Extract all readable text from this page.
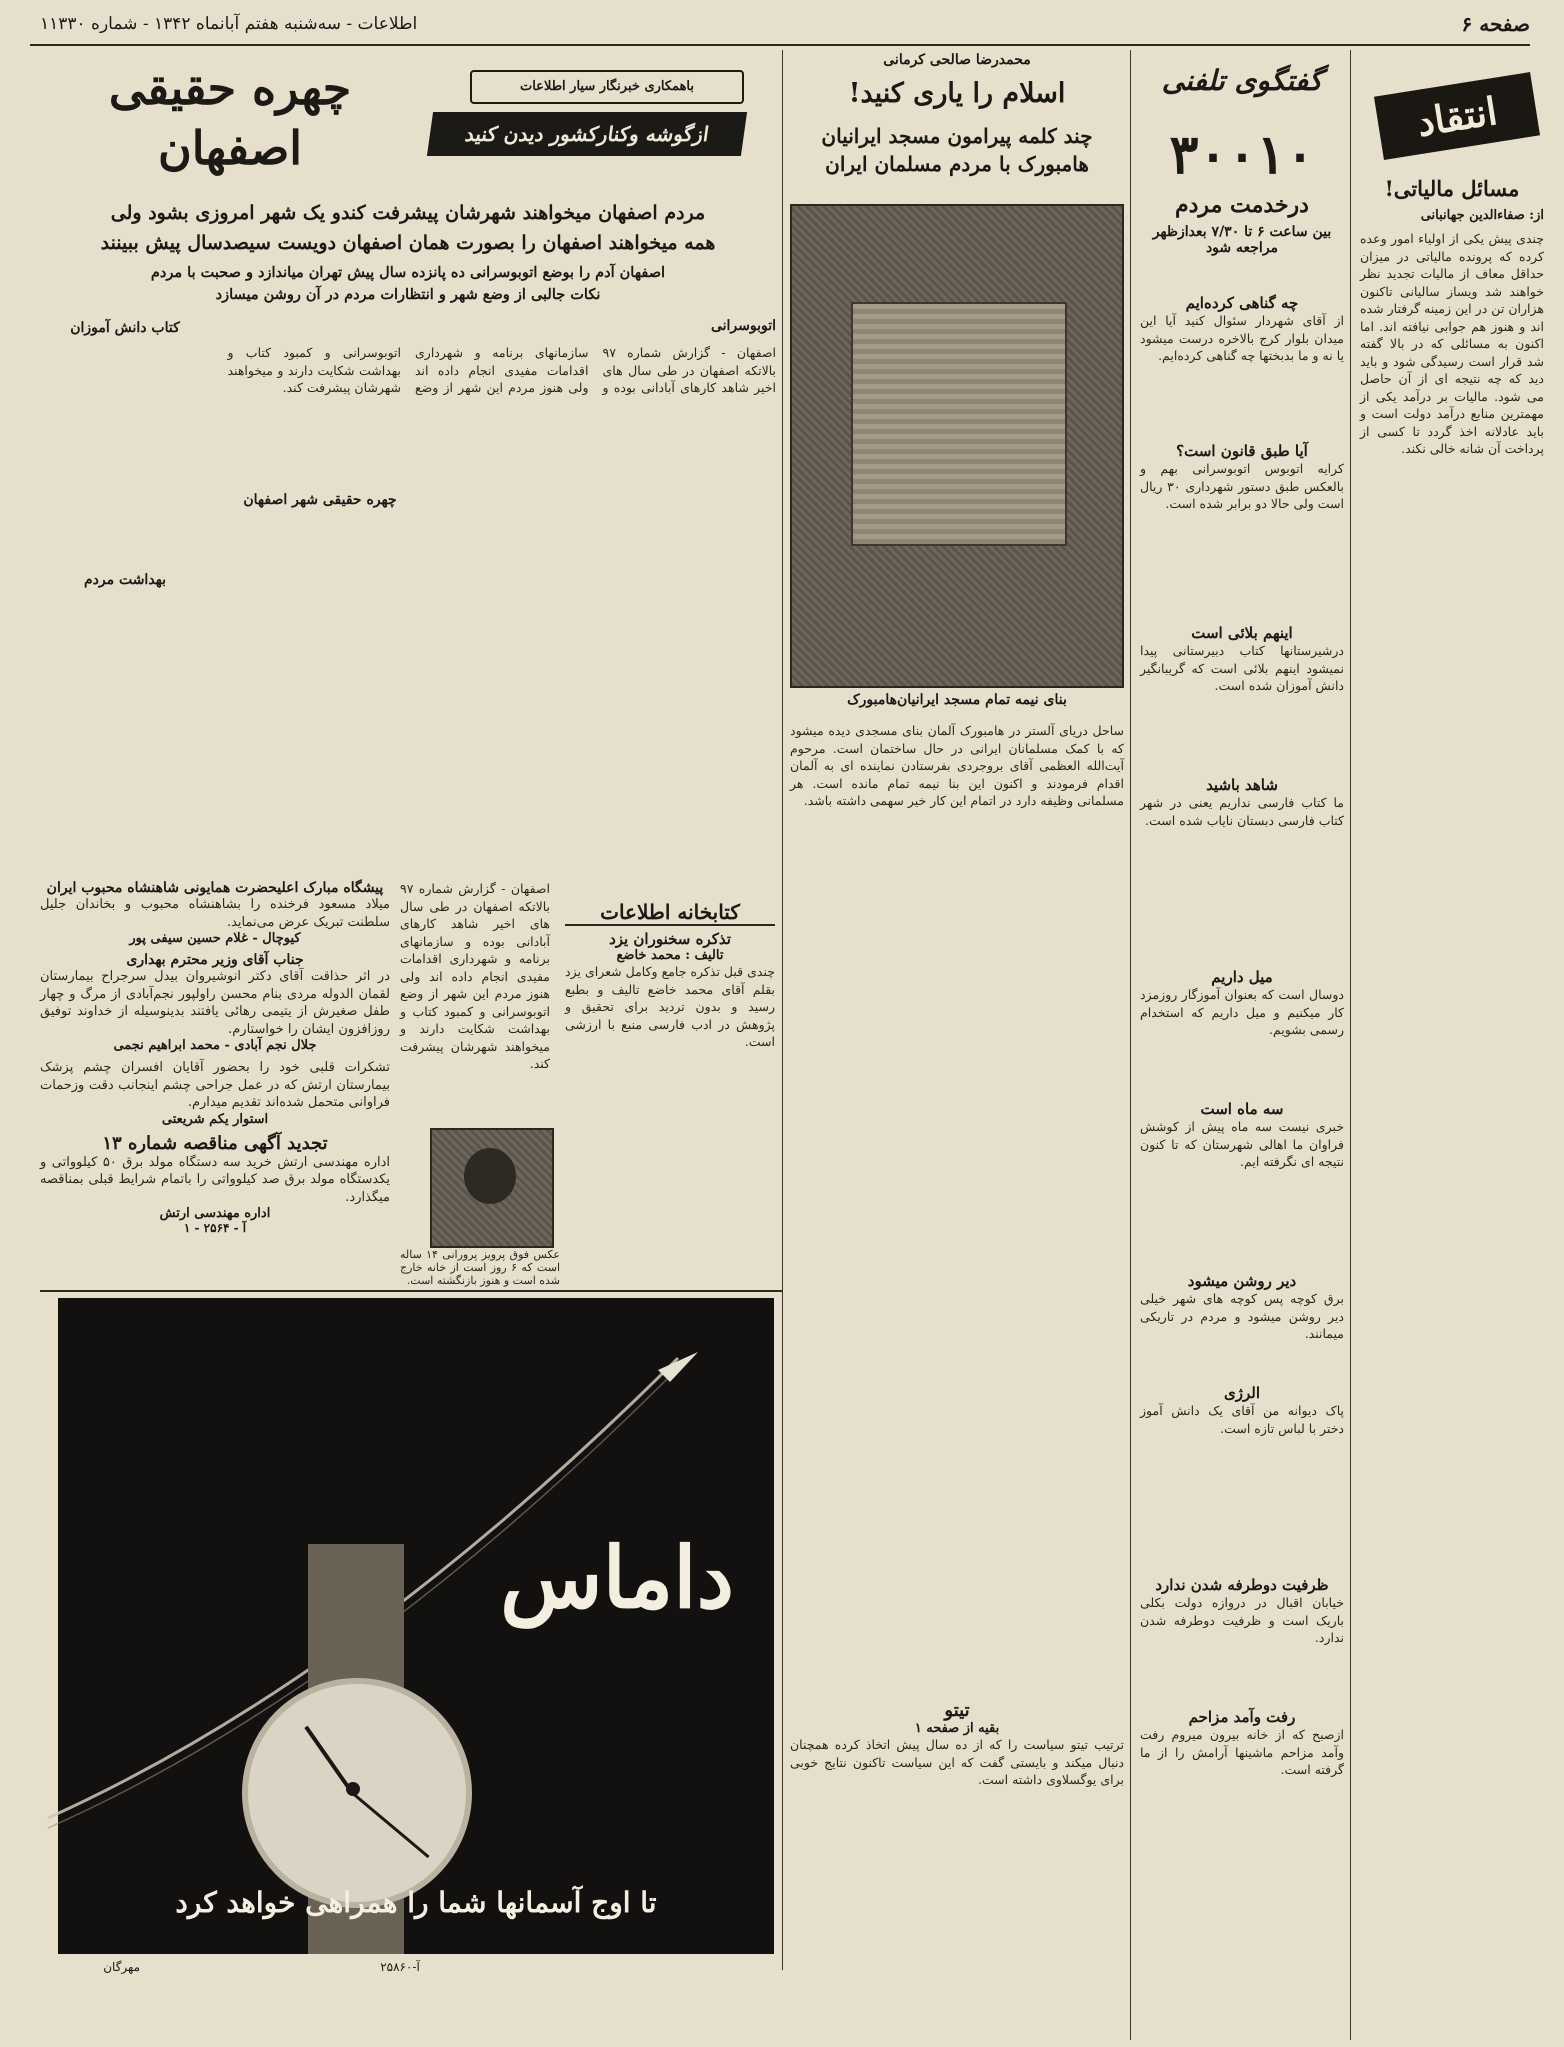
صفحه ۶
اطلاعات - سه‌شنبه هفتم آبانماه ۱۳۴۲ - شماره ۱۱۳۳۰
انتقاد
مسائل مالیاتی!
از: صفاءالدین جهانبانی
چندی پیش یکی از اولیاء امور وعده کرده که پرونده مالیاتی در میزان حداقل معاف از مالیات تجدید نظر خواهند شد ویساز سالیانی تاکنون هزاران تن در این زمینه گرفتار شده اند و هنوز هم جوابی نیافته اند. اما اکنون به مسائلی که در بالا گفته شد قرار است رسیدگی شود و باید دید که چه نتیجه ای از آن حاصل می شود. مالیات بر درآمد یکی از مهمترین منابع درآمد دولت است و باید عادلانه اخذ گردد تا کسی از پرداخت آن شانه خالی نکند.
گفتگوی تلفنی
۳۰۰۱۰
درخدمت مردم
بین ساعت ۶ تا ۷/۳۰ بعدازظهر مراجعه شود
چه گناهی کرده‌ایم
از آقای شهردار سئوال کنید آیا این میدان بلوار کرج بالاخره درست میشود یا نه و ما بدبختها چه گناهی کرده‌ایم.
آیا طبق قانون است؟
کرایه اتوبوس اتوبوسرانی بهم و بالعکس طبق دستور شهرداری ۳۰ ریال است ولی حالا دو برابر شده است.
اینهم بلائی است
درشیرستانها کتاب دبیرستانی پیدا نمیشود اینهم بلائی است که گریبانگیر دانش آموزان شده است.
شاهد باشید
ما کتاب فارسی نداریم یعنی در شهر کتاب فارسی دبستان نایاب شده است.
میل داریم
دوسال است که بعنوان آموزگار روزمزد کار میکنیم و میل داریم که استخدام رسمی بشویم.
سه ماه است
خبری نیست سه ماه پیش از کوشش فراوان ما اهالی شهرستان که تا کنون نتیجه ای نگرفته ایم.
دیر روشن میشود
برق کوچه پس کوچه های شهر خیلی دیر روشن میشود و مردم در تاریکی میمانند.
الرژی
پاک دیوانه من آقای یک دانش آموز دختر با لباس تازه است.
ظرفیت دوطرفه شدن ندارد
خیابان اقبال در دروازه دولت بکلی باریک است و ظرفیت دوطرفه شدن ندارد.
رفت وآمد مزاحم
ازصبح که از خانه بیرون میروم رفت وآمد مزاحم ماشینها آرامش را از ما گرفته است.
محمدرضا صالحی کرمانی
اسلام را یاری کنید!
چند کلمه پیرامون مسجد ایرانیان هامبورک با مردم مسلمان ایران
بنای نیمه تمام مسجد ایرانیان‌هامبورک
ساحل دریای آلستر در هامبورک آلمان بنای مسجدی دیده میشود که با کمک مسلمانان ایرانی در حال ساختمان است. مرحوم آیت‌الله العظمی آقای بروجردی بفرستادن نماینده ای به آلمان اقدام فرمودند و اکنون این بنا نیمه تمام مانده است. هر مسلمانی وظیفه دارد در اتمام این کار خیر سهمی داشته باشد.
تیتو
بقیه از صفحه ۱
ترتیب تیتو سیاست را که از ده سال پیش اتخاذ کرده همچنان دنبال میکند و بایستی گفت که این سیاست تاکنون نتایج خوبی برای یوگسلاوی داشته است.
باهمکاری خبرنگار سیار اطلاعات
ازگوشه‌ وکنارکشور دیدن کنید
چهره حقیقی
اصفهان
مردم اصفهان میخواهند شهرشان پیشرفت کندو یک شهر امروزی بشود ولی
همه میخواهند اصفهان را بصورت همان اصفهان دویست سیصدسال پیش ببینند
اصفهان آدم را بوضع اتوبوسرانی ده پانزده سال پیش تهران میاندازد و صحبت با مردم
نکات جالبی از وضع شهر و انتظارات مردم در آن روشن میسازد
اتوبوسرانی
کتاب دانش آموزان
اصفهان - گزارش شماره ۹۷ بالاتکه اصفهان در طی سال های اخیر شاهد کارهای آبادانی بوده و سازمانهای برنامه و شهرداری اقدامات مفیدی انجام داده اند ولی هنوز مردم این شهر از وضع اتوبوسرانی و کمبود کتاب و بهداشت شکایت دارند و میخواهند شهرشان پیشرفت کند.
بهداشت مردم
چهره حقیقی شهر اصفهان
پیشگاه مبارک اعلیحضرت همایونی شاهنشاه محبوب ایران
میلاد مسعود فرخنده را بشاهنشاه محبوب و بخاندان جلیل سلطنت تبریک عرض می‌نماید.
کیوچال - غلام حسین سیفی پور
جناب آقای وزیر محترم بهداری
در اثر حذاقت آقای دکتر انوشیروان بیدل سرجراح بیمارستان لقمان الدوله مردی بنام محسن راولپور نجم‌آبادی از مرگ و چهار طفل صغیرش از یتیمی رهائی یافتند بدینوسیله از خداوند توفیق روزافزون ایشان را خواستارم.
جلال نجم آبادی - محمد ابراهیم نجمی
تشکرات قلبی خود را بحضور آقایان افسران چشم پزشک بیمارستان ارتش که در عمل جراحی چشم اینجانب دقت وزحمات فراوانی متحمل شده‌اند تقدیم میدارم.
استوار یکم شریعتی
تجدید آگهی مناقصه شماره ۱۳
اداره مهندسی ارتش خرید سه دستگاه مولد برق ۵۰ کیلوواتی و یکدستگاه مولد برق صد کیلوواتی را باتمام شرایط قبلی بمناقصه میگذارد.
اداره مهندسی ارتش
آ - ۲۵۶۴ - ۱
اصفهان - گزارش شماره ۹۷ بالاتکه اصفهان در طی سال های اخیر شاهد کارهای آبادانی بوده و سازمانهای برنامه و شهرداری اقدامات مفیدی انجام داده اند ولی هنوز مردم این شهر از وضع اتوبوسرانی و کمبود کتاب و بهداشت شکایت دارند و میخواهند شهرشان پیشرفت کند.
عکس فوق پرویز پرورانی ۱۴ ساله است که ۶ روز است از خانه خارج شده است و هنوز بازنگشته است.
کتابخانه اطلاعات
تذکره سخنوران یزد
تالیف : محمد خاضع
چندی قبل تذکره جامع وکامل شعرای یزد بقلم آقای محمد خاضع تالیف و بطبع رسید و بدون تردید برای تحقیق و پژوهش در ادب فارسی منبع با ارزشی است.
داماس
تا اوج آسمانها شما را همراهی خواهد کرد
مهرگان	آ-۲۵۸۶۰
